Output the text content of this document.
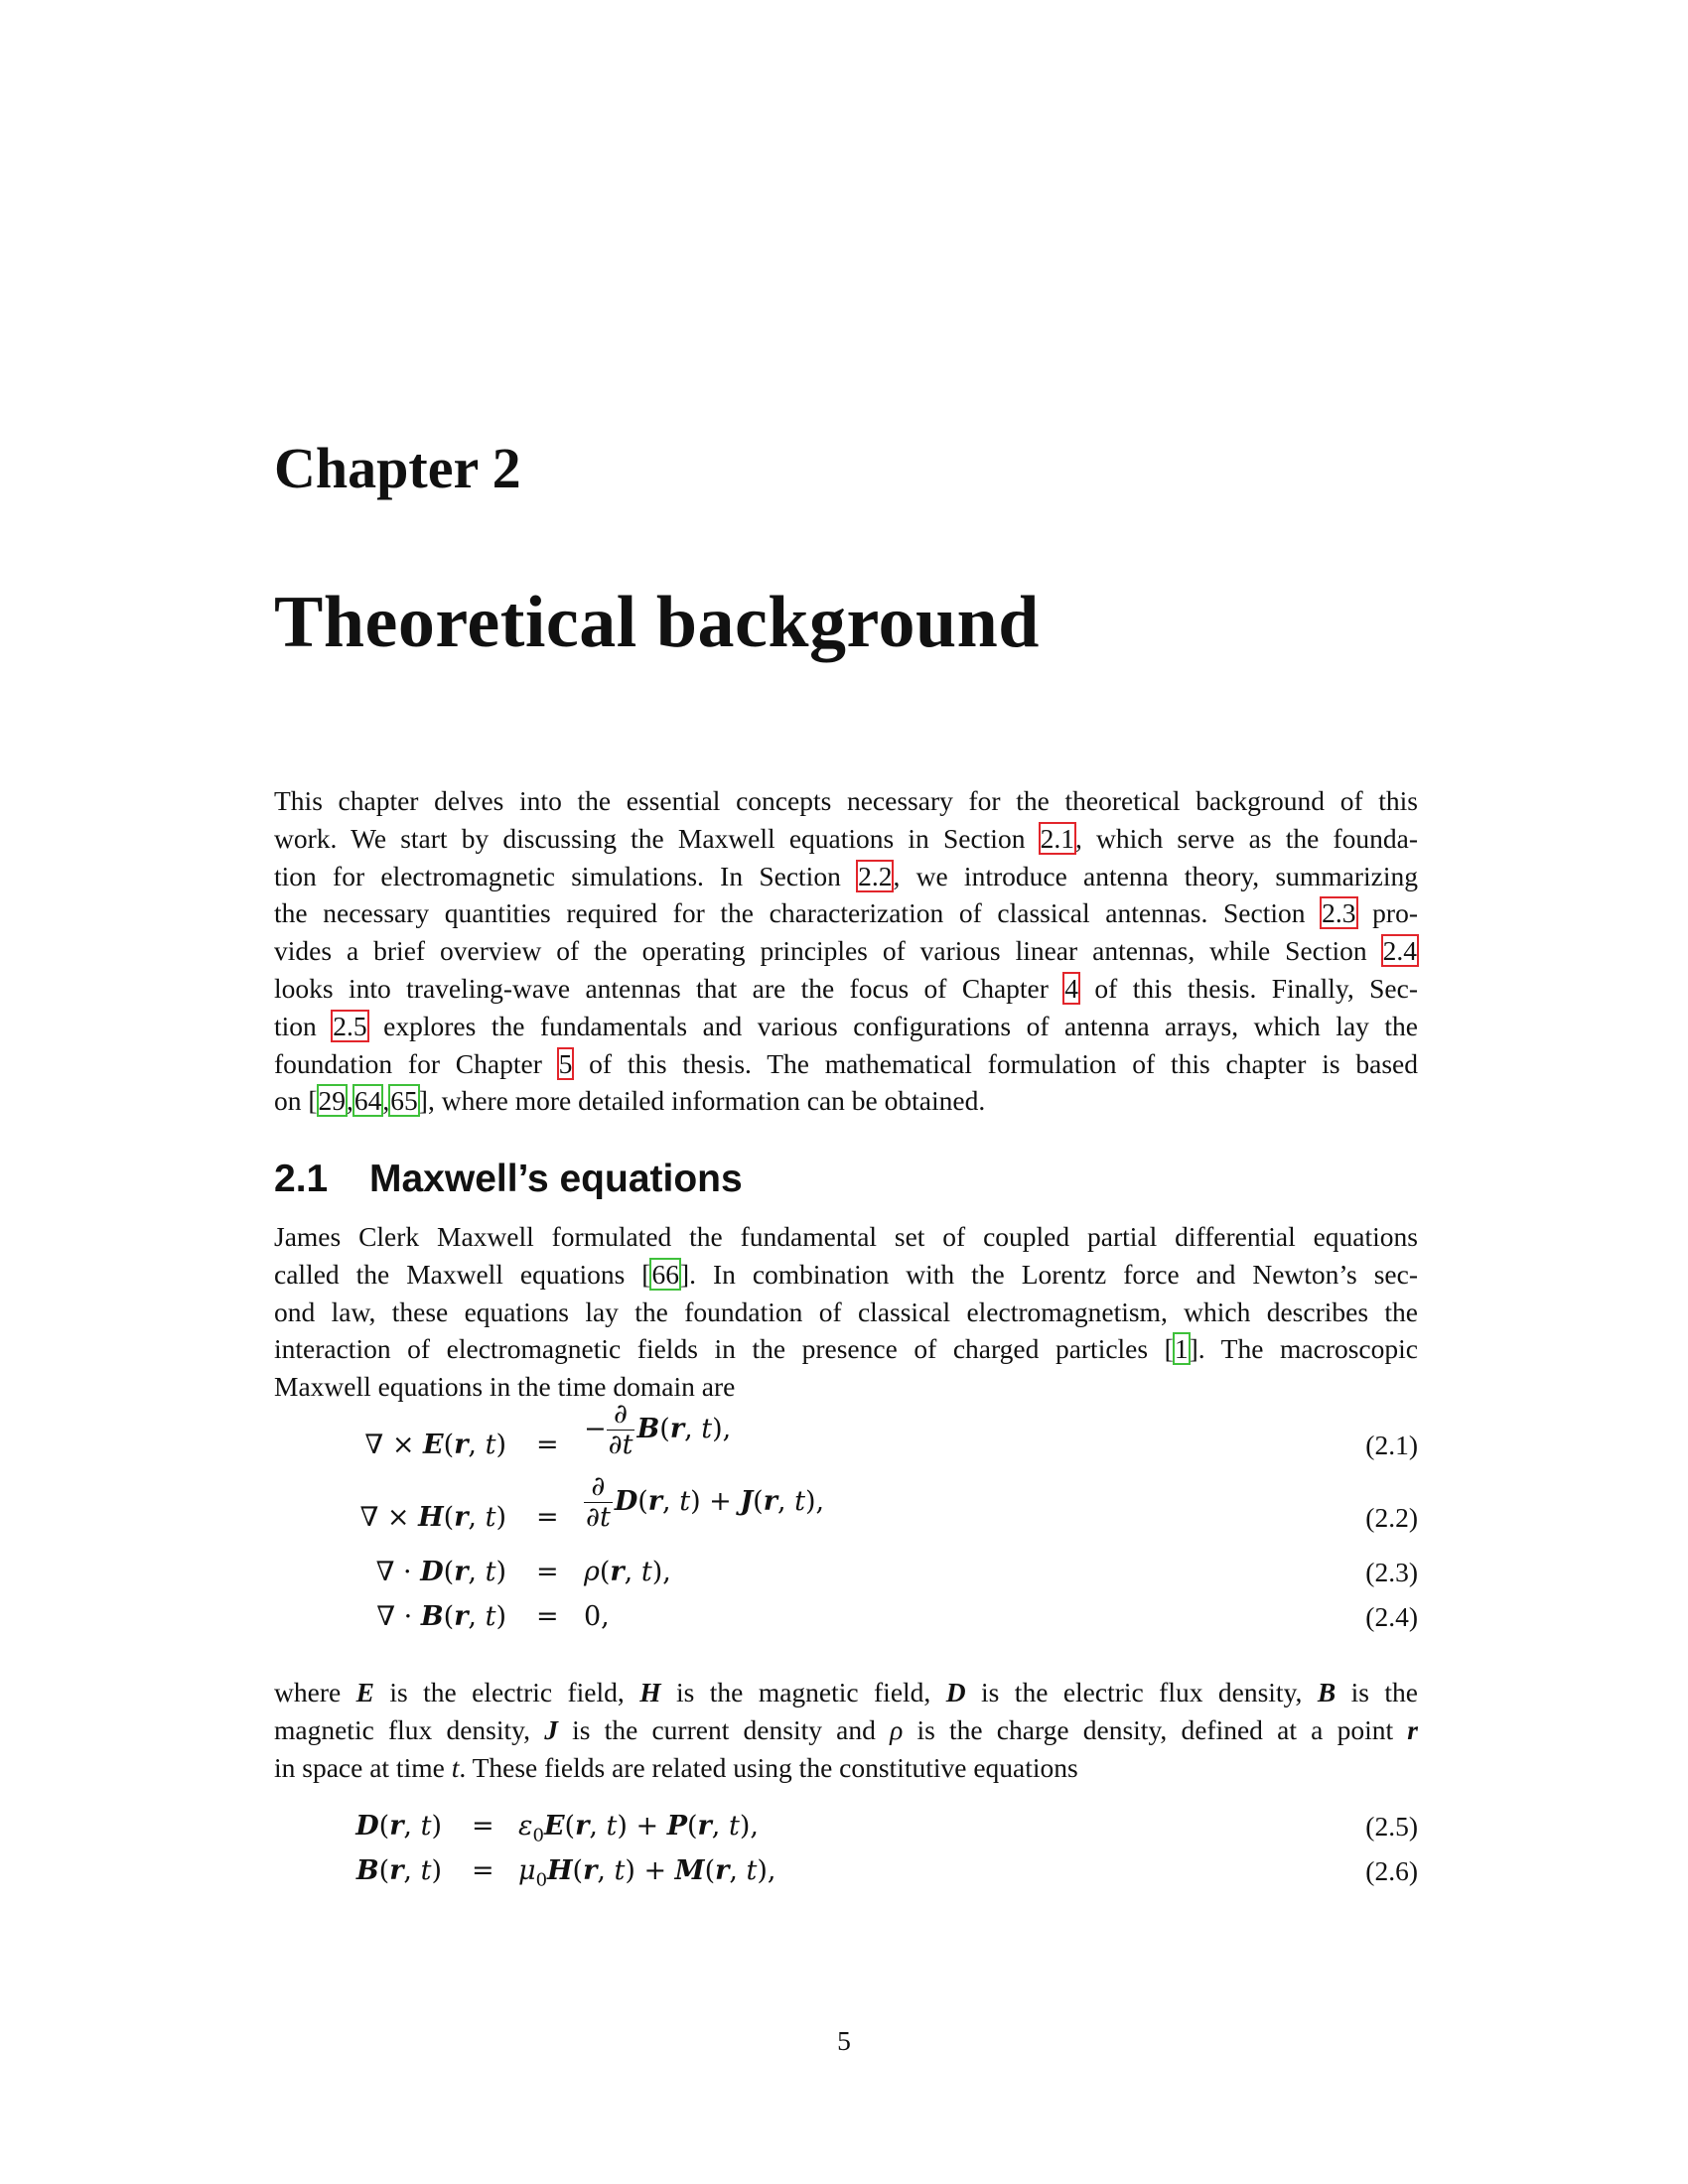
Chapter 2
Theoretical background
This chapter delves into the essential concepts necessary for the theoretical background of this
work. We start by discussing the Maxwell equations in Section 2.1, which serve as the founda-
tion for electromagnetic simulations. In Section 2.2, we introduce antenna theory, summarizing
the necessary quantities required for the characterization of classical antennas. Section 2.3 pro-
vides a brief overview of the operating principles of various linear antennas, while Section 2.4
looks into traveling-wave antennas that are the focus of Chapter 4 of this thesis. Finally, Sec-
tion 2.5 explores the fundamentals and various configurations of antenna arrays, which lay the
foundation for Chapter 5 of this thesis. The mathematical formulation of this chapter is based
on [29,64,65], where more detailed information can be obtained.
2.1 Maxwell’s equations
James Clerk Maxwell formulated the fundamental set of coupled partial differential equations
called the Maxwell equations [66]. In combination with the Lorentz force and Newton’s sec-
ond law, these equations lay the foundation of classical electromagnetism, which describes the
interaction of electromagnetic fields in the presence of charged particles [1]. The macroscopic
Maxwell equations in the time domain are
∇ × E(r, t) =
− $\frac{\partial}{\partial t} B(r$, t),
(2.1)
∇ × H(r, $t) = \frac{\partial}{\partial t} D(r$, t) + J(r, t),
(2.2)
∇ · D(r, t) = ρ(r, t),	(2.3)
∇ · B(r, t) = 0,	(2.4)
where E is the electric field, H is the magnetic field, D is the electric flux density, B is the
magnetic flux density, J is the current density and ρ is the charge density, defined at a point r
in space at time t. These fields are related using the constitutive equations
D(r, $t) = \varepsilon_0E(r$, t) + P(r, t),	(2.5)
B(r, $t) = \mu_0H(r$, t) + M(r, t),	(2.6)
5
